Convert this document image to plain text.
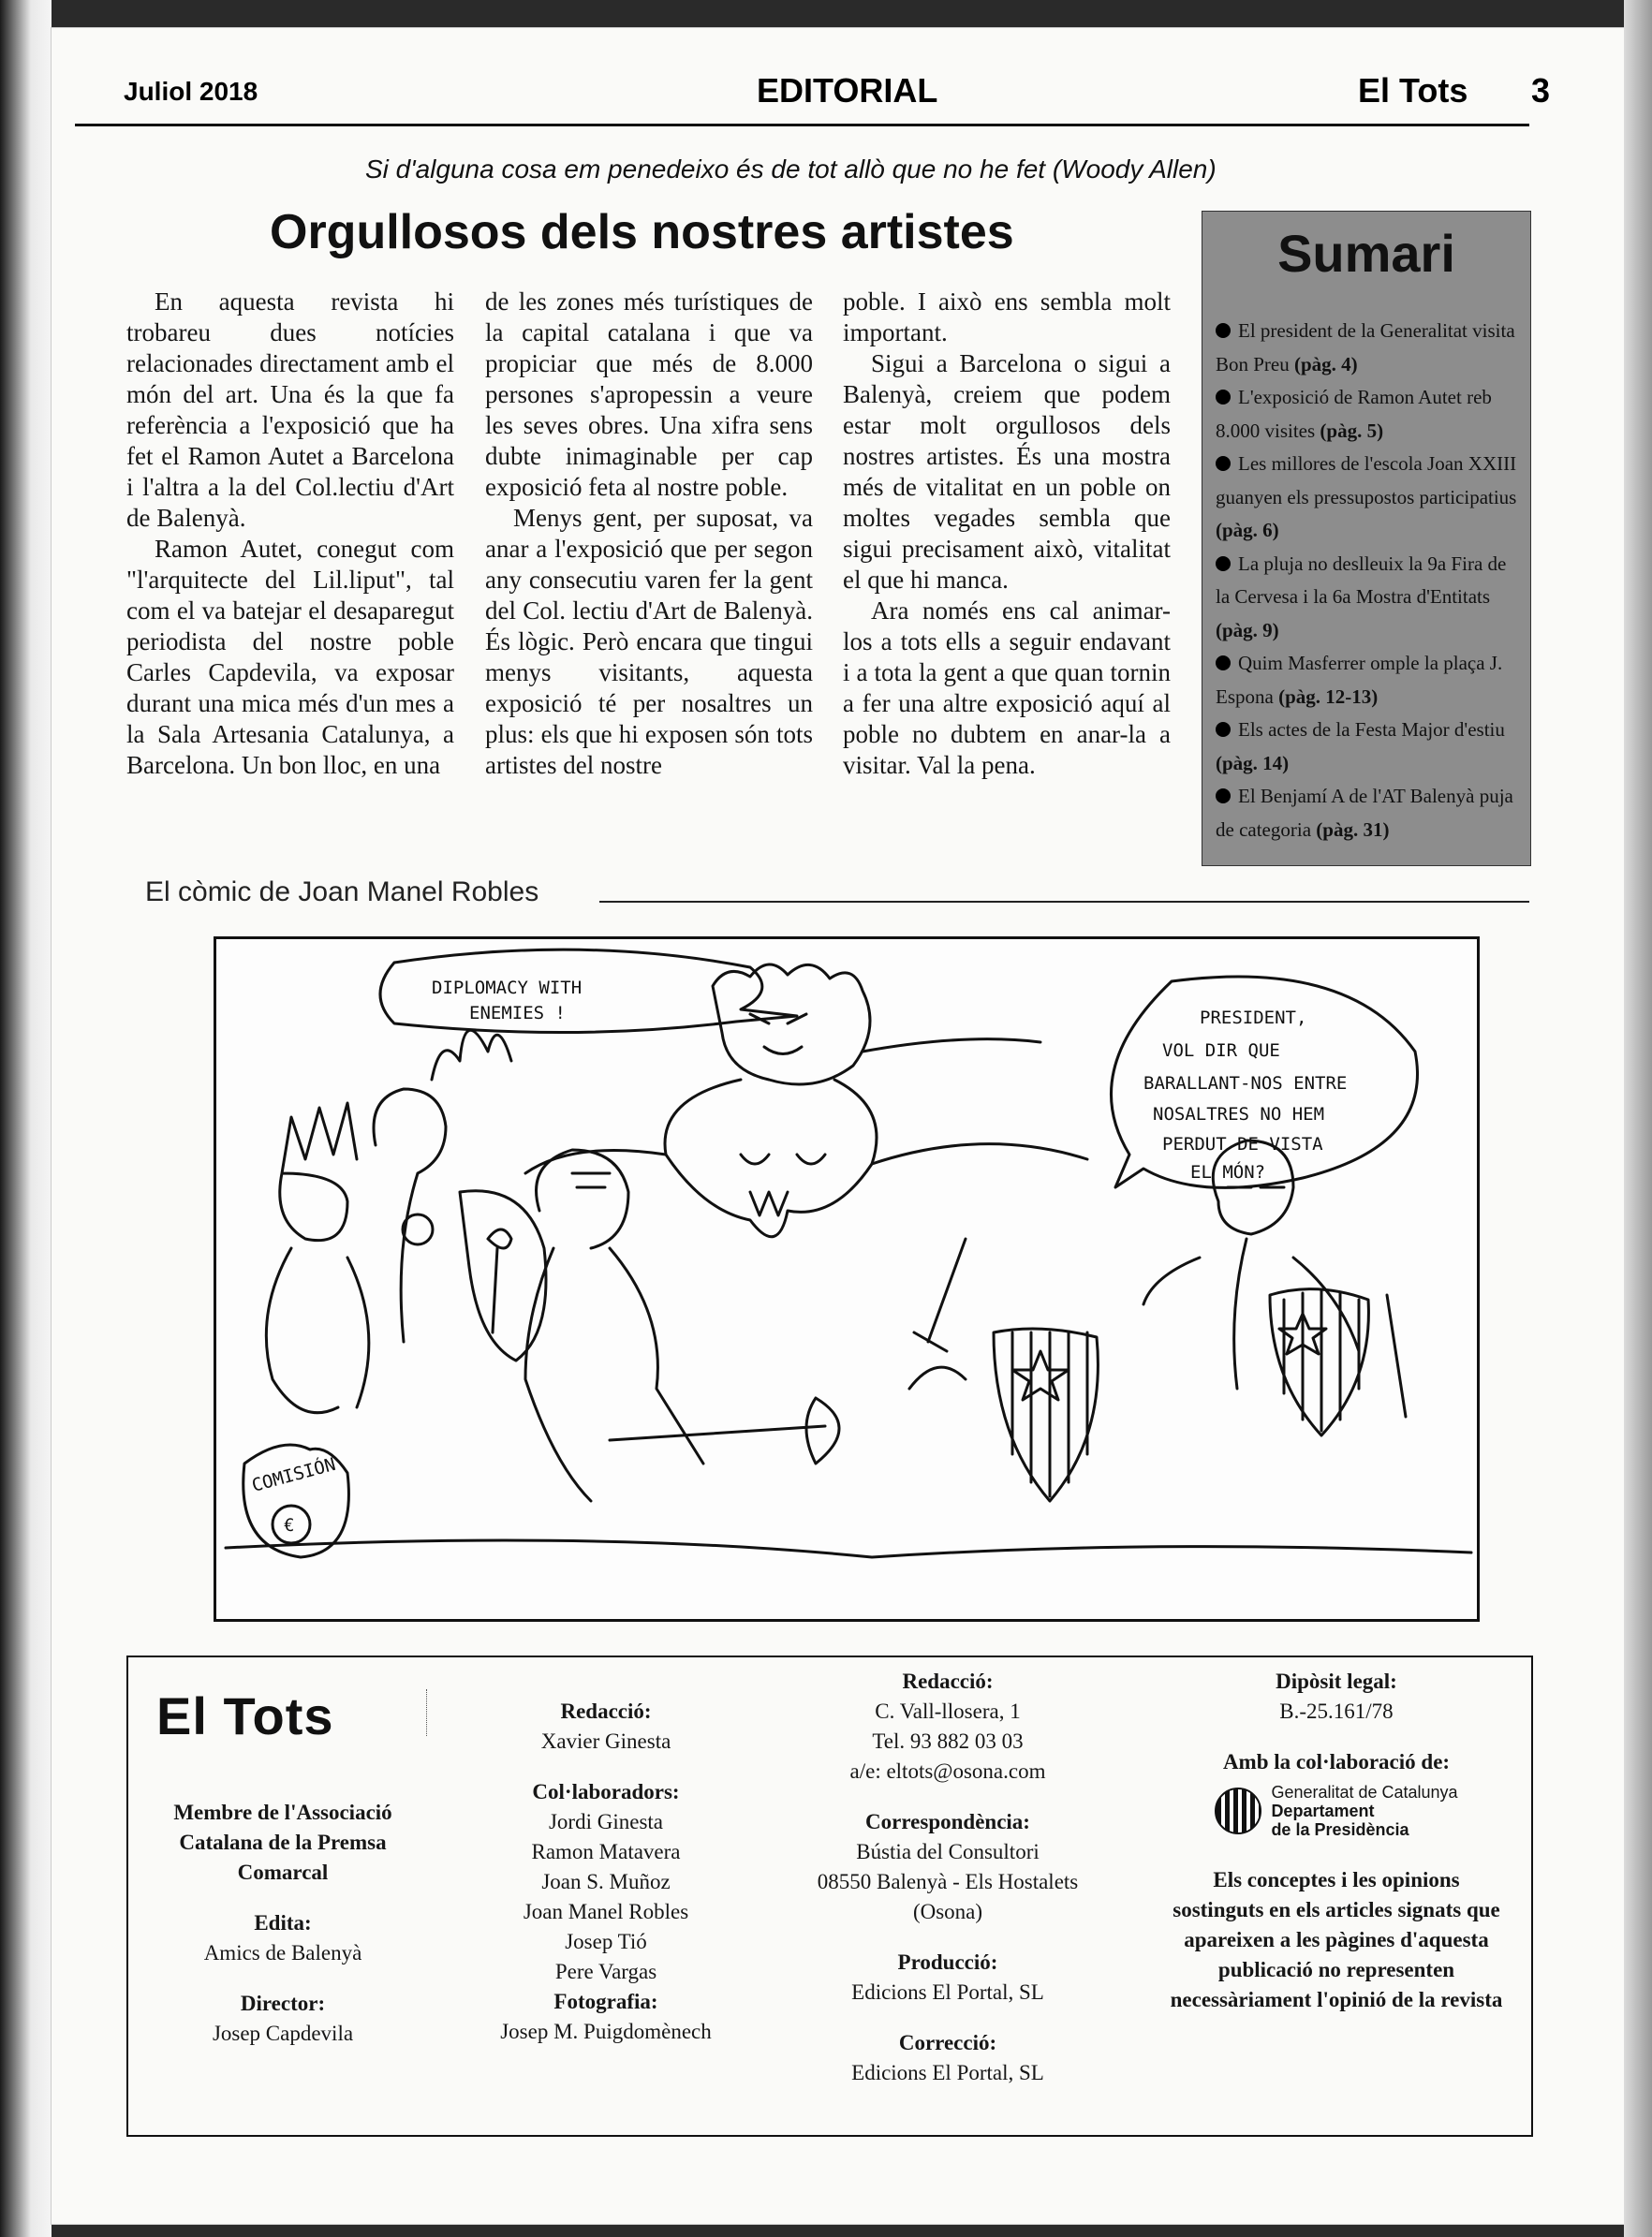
Juliol 2018	EDITORIAL	El Tots 3
Si d'alguna cosa em penedeixo és de tot allò que no he fet (Woody Allen)
Orgullosos dels nostres artistes

En aquesta revista hi trobareu dues notícies relacionades directament amb el món del art. Una és la que fa referència a l'exposició que ha fet el Ramon Autet a Barcelona i l'altra a la del Col.lectiu d'Art de Balenyà.

Ramon Autet, conegut com "l'arquitecte del Lil.liput", tal com el va batejar el desaparegut periodista del nostre poble Carles Capdevila, va exposar durant una mica més d'un mes a la Sala Artesania Catalunya, a Barcelona. Un bon lloc, en una

de les zones més turístiques de la capital catalana i que va propiciar que més de 8.000 persones s'apropessin a veure les seves obres. Una xifra sens dubte inimaginable per cap exposició feta al nostre poble.

Menys gent, per suposat, va anar a l'exposició que per segon any consecutiu varen fer la gent del Col. lectiu d'Art de Balenyà. És lògic. Però encara que tingui menys visitants, aquesta exposició té per nosaltres un plus: els que hi exposen són tots artistes del nostre

poble. I això ens sembla molt important.

Sigui a Barcelona o sigui a Balenyà, creiem que podem estar molt orgullosos dels nostres artistes. És una mostra més de vitalitat en un poble on moltes vegades sembla que sigui precisament això, vitalitat el que hi manca.

Ara només ens cal animar-los a tots ells a seguir endavant i a tota la gent a que quan tornin a fer una altre exposició aquí al poble no dubtem en anar-la a visitar. Val la pena.

Sumari
El president de la Generalitat visita Bon Preu (pàg. 4)
L'exposició de Ramon Autet reb 8.000 visites (pàg. 5)
Les millores de l'escola Joan XXIII guanyen els pressupostos participatius (pàg. 6)
La pluja no deslleuix la 9a Fira de la Cervesa i la 6a Mostra d'Entitats (pàg. 9)
Quim Masferrer omple la plaça J. Espona (pàg. 12-13)
Els actes de la Festa Major d'estiu (pàg. 14)
El Benjamí A de l'AT Balenyà puja de categoria (pàg. 31)
El còmic de Joan Manel Robles
DIPLOMACY WITH
ENEMIES !	PRESIDENT,
VOL DIR QUE
BARALLANT-NOS ENTRE
NOSALTRES NO HEM
PERDUT DE VISTA
EL MÓN?
COMISIÓN
€
El Tots
Membre de l'Associació Catalana de la Premsa Comarcal
Edita:
Amics de Balenyà
Director:
Josep Capdevila
Redacció:
Xavier Ginesta
Col·laboradors:
Jordi Ginesta
Ramon Matavera
Joan S. Muñoz
Joan Manel Robles
Josep Tió
Pere Vargas
Fotografia:
Josep M. Puigdomènech
Redacció:
C. Vall-llosera, 1
Tel. 93 882 03 03
a/e: eltots@osona.com
Correspondència:
Bústia del Consultori
08550 Balenyà - Els Hostalets
(Osona)
Producció:
Edicions El Portal, SL
Correcció:
Edicions El Portal, SL
Dipòsit legal:
B.-25.161/78
Amb la col·laboració de:
Generalitat de Catalunya
Departament
de la Presidència
Els conceptes i les opinions sostinguts en els articles signats que apareixen a les pàgines d'aquesta publicació no representen necessàriament l'opinió de la revista
